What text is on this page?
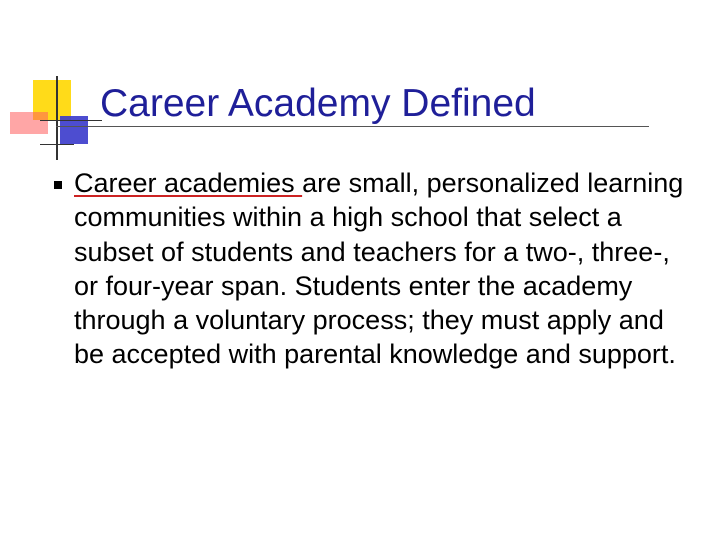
Career Academy Defined
Career academies are small, personalized learning communities within a high school that select a subset of students and teachers for a two-, three-, or four-year span. Students enter the academy through a voluntary process; they must apply and be accepted with parental knowledge and support.
